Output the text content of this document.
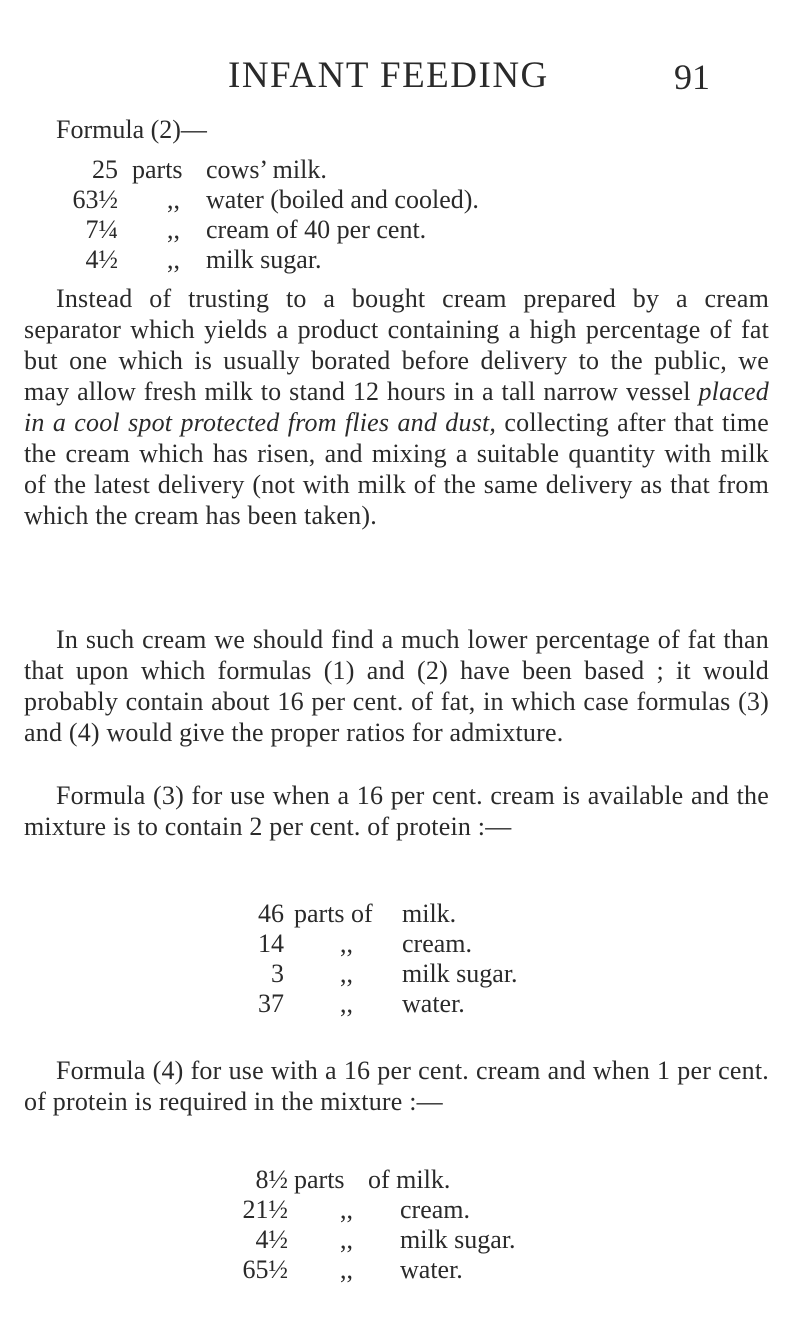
INFANT FEEDING	91
Formula (2)—
25 parts cows’ milk.
63½ ,, water (boiled and cooled).
7¼ ,, cream of 40 per cent.
4½ ,, milk sugar.

Instead of trusting to a bought cream prepared by a cream separator which yields a product containing a high percentage of fat but one which is usually borated before delivery to the public, we may allow fresh milk to stand 12 hours in a tall narrow vessel placed in a cool spot protected from flies and dust, collecting after that time the cream which has risen, and mixing a suitable quantity with milk of the latest delivery (not with milk of the same delivery as that from which the cream has been taken).

In such cream we should find a much lower percentage of fat than that upon which formulas (1) and (2) have been based ; it would probably contain about 16 per cent. of fat, in which case formulas (3) and (4) would give the proper ratios for admixture.

Formula (3) for use when a 16 per cent. cream is available and the mixture is to contain 2 per cent. of protein :—

46 parts of milk.
14 ,, cream.
3 ,, milk sugar.
37 ,, water.

Formula (4) for use with a 16 per cent. cream and when 1 per cent. of protein is required in the mixture :—

8½ parts of milk.
21½ ,, cream.
4½ ,, milk sugar.
65½ ,, water.
